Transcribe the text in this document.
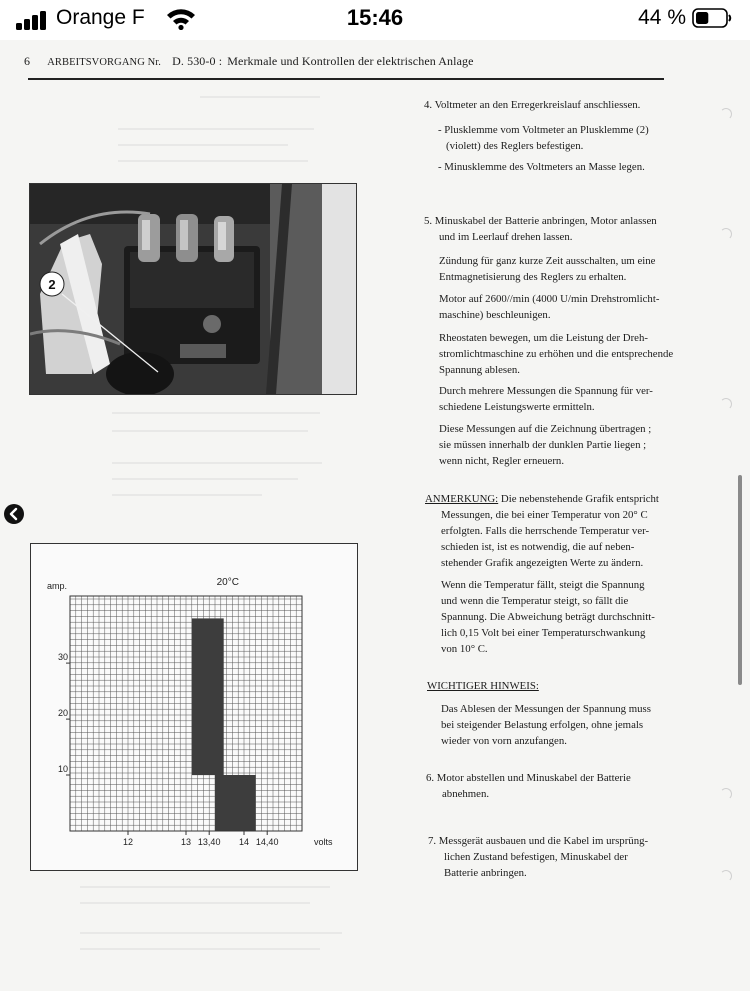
Orange F	15:46	44 %
6 ARBEITSVORGANG Nr. D. 530-0 : Merkmale und Kontrollen der elektrischen Anlage
2
10
20
30
12	13 13,40 14 14,40
amp.
volts
20°C
4. Voltmeter an den Erregerkreislauf anschliessen.
- Plusklemme vom Voltmeter an Plusklemme (2)
(violett) des Reglers befestigen.
- Minusklemme des Voltmeters an Masse legen.
5. Minuskabel der Batterie anbringen, Motor anlassen
und im Leerlauf drehen lassen.
Zündung für ganz kurze Zeit ausschalten, um eine
Entmagnetisierung des Reglers zu erhalten.
Motor auf 2600//min (4000 U/min Drehstromlicht-
maschine) beschleunigen.
Rheostaten bewegen, um die Leistung der Dreh-
stromlichtmaschine zu erhöhen und die entsprechende
Spannung ablesen.
Durch mehrere Messungen die Spannung für ver-
schiedene Leistungswerte ermitteln.
Diese Messungen auf die Zeichnung übertragen ;
sie müssen innerhalb der dunklen Partie liegen ;
wenn nicht, Regler erneuern.
ANMERKUNG: Die nebenstehende Grafik entspricht
Messungen, die bei einer Temperatur von 20° C
erfolgten. Falls die herrschende Temperatur ver-
schieden ist, ist es notwendig, die auf neben-
stehender Grafik angezeigten Werte zu ändern.
Wenn die Temperatur fällt, steigt die Spannung
und wenn die Temperatur steigt, so fällt die
Spannung. Die Abweichung beträgt durchschnitt-
lich 0,15 Volt bei einer Temperaturschwankung
von 10° C.
WICHTIGER HINWEIS:
Das Ablesen der Messungen der Spannung muss
bei steigender Belastung erfolgen, ohne jemals
wieder von vorn anzufangen.
6. Motor abstellen und Minuskabel der Batterie
abnehmen.
7. Messgerät ausbauen und die Kabel im ursprüng-
lichen Zustand befestigen, Minuskabel der
Batterie anbringen.
